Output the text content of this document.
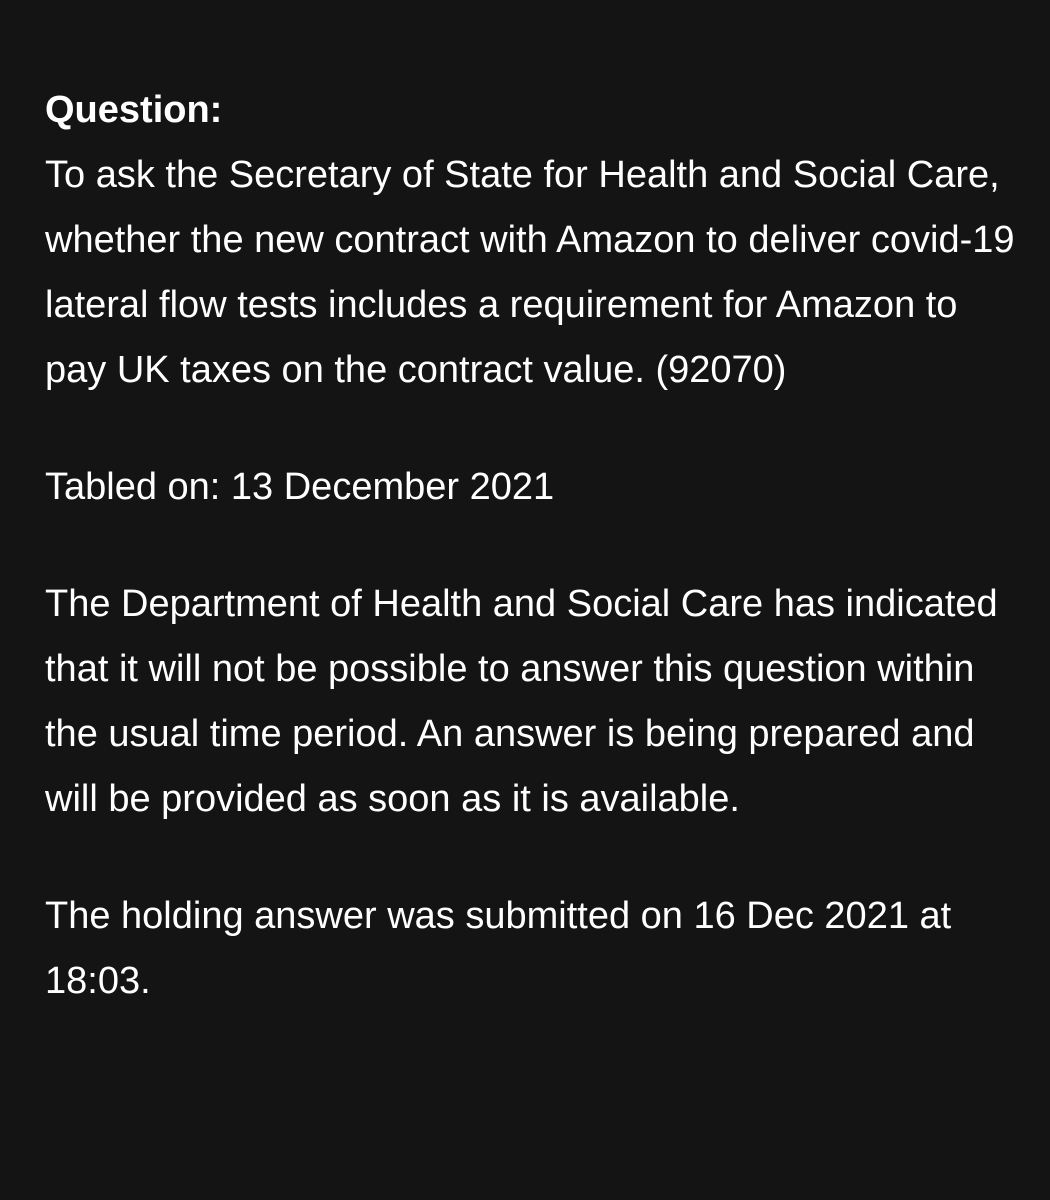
Question:

To ask the Secretary of State for Health and Social Care, whether the new contract with Amazon to deliver covid-19 lateral flow tests includes a requirement for Amazon to pay UK taxes on the contract value. (92070)

Tabled on: 13 December 2021

The Department of Health and Social Care has indicated that it will not be possible to answer this question within the usual time period. An answer is being prepared and will be provided as soon as it is available.

The holding answer was submitted on 16 Dec 2021 at 18:03.
